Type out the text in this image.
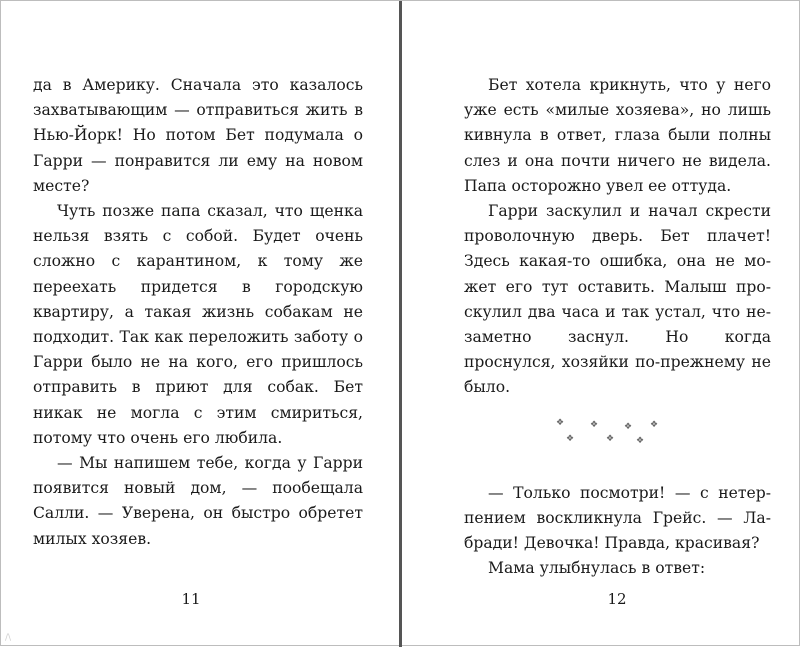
да в Америку. Сначала это казалось захватывающим — отправиться жить в Нью-Йорк! Но потом Бет подумала о Гарри — понравится ли ему на новом месте?

Чуть позже папа сказал, что щенка нельзя взять с собой. Будет очень сложно с карантином, к тому же переехать придется в городскую квартиру, а такая жизнь собакам не подходит. Так как переложить заботу о Гарри было не на кого, его пришлось отправить в приют для собак. Бет никак не могла с этим смириться, потому что очень его любила.

— Мы напишем тебе, когда у Гарри появится новый дом, — пообещала Салли. — Уверена, он быстро обретет милых хозяев.

11

Бет хотела крикнуть, что у него уже есть «милые хозяева», но лишь кивнула в ответ, глаза были полны слез и она почти ничего не видела. Папа осторожно увел ее оттуда.

Гарри заскулил и начал скрести проволочную дверь. Бет плачет! Здесь какая-то ошибка, она не может его тут оставить. Малыш проскулил два часа и так устал, что незаметно заснул. Но когда проснулся, хозяйки по-прежнему не было.

❖
❖
❖
❖
❖
❖
❖

— Только посмотри! — с нетерпением воскликнула Грейс. — Лабради! Девочка! Правда, красивая?

Мама улыбнулась в ответ:

12
/\
